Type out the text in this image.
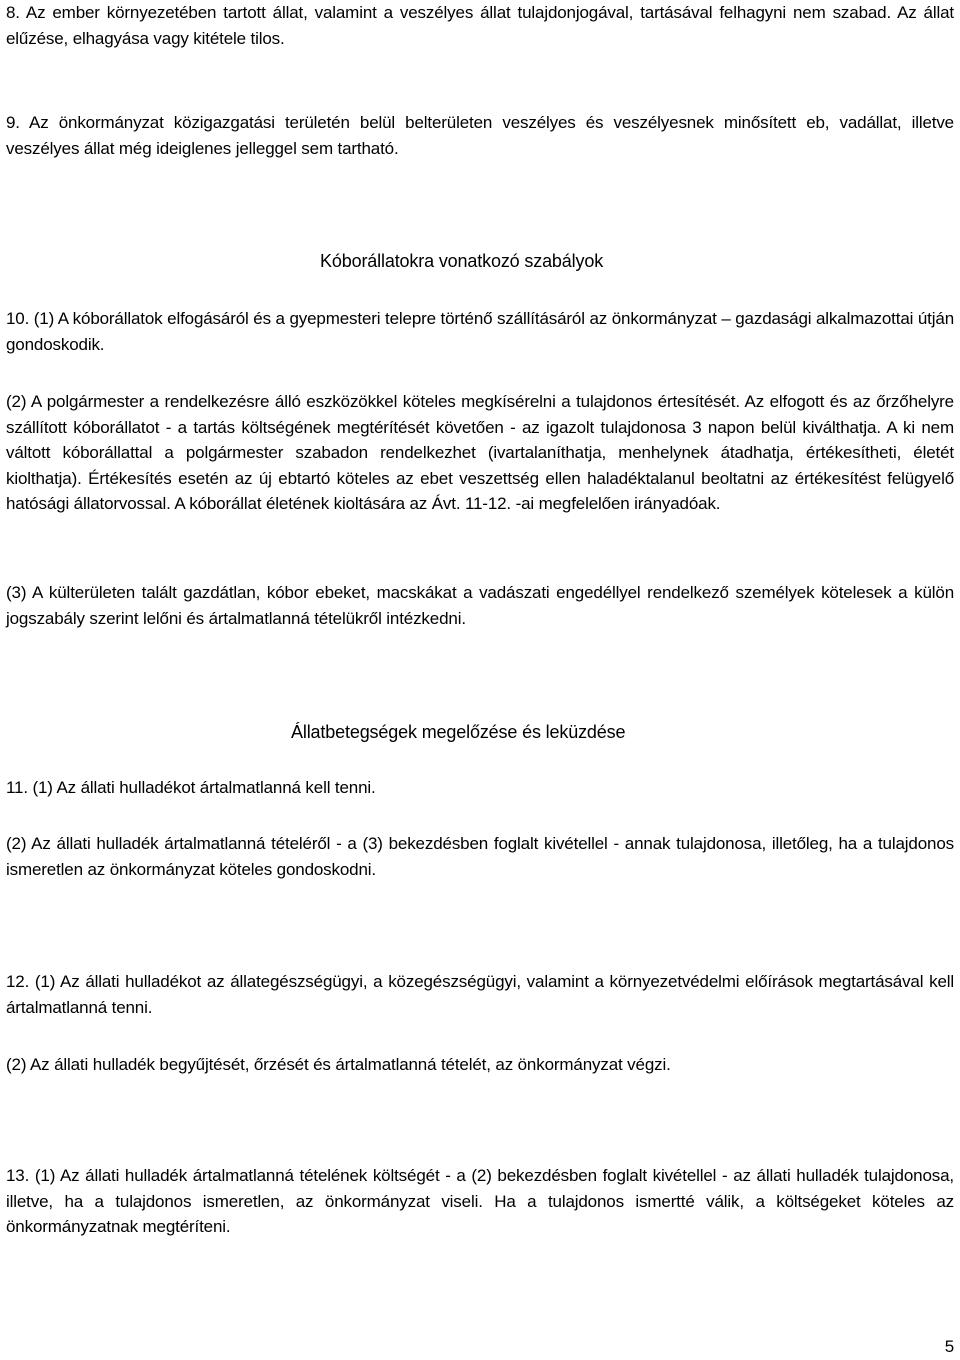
8. Az ember környezetében tartott állat, valamint a veszélyes állat tulajdonjogával, tartásával felhagyni nem szabad. Az állat elűzése, elhagyása vagy kitétele tilos.

9. Az önkormányzat közigazgatási területén belül belterületen veszélyes és veszélyesnek minősített eb, vadállat, illetve veszélyes állat még ideiglenes jelleggel sem tartható.

Kóborállatokra vonatkozó szabályok

10. (1) A kóborállatok elfogásáról és a gyepmesteri telepre történő szállításáról az önkormányzat – gazdasági alkalmazottai útján gondoskodik.

(2) A polgármester a rendelkezésre álló eszközökkel köteles megkísérelni a tulajdonos értesítését. Az elfogott és az őrzőhelyre szállított kóborállatot - a tartás költségének megtérítését követően - az igazolt tulajdonosa 3 napon belül kiválthatja. A ki nem váltott kóborállattal a polgármester szabadon rendelkezhet (ivartalaníthatja, menhelynek átadhatja, értékesítheti, életét kiolthatja). Értékesítés esetén az új ebtartó köteles az ebet veszettség ellen haladéktalanul beoltatni az értékesítést felügyelő hatósági állatorvossal. A kóborállat életének kioltására az Ávt. 11-12. -ai megfelelően irányadóak.

(3) A külterületen talált gazdátlan, kóbor ebeket, macskákat a vadászati engedéllyel rendelkező személyek kötelesek a külön jogszabály szerint lelőni és ártalmatlanná tételükről intézkedni.

Állatbetegségek megelőzése és leküzdése

11. (1) Az állati hulladékot ártalmatlanná kell tenni.

(2) Az állati hulladék ártalmatlanná tételéről - a (3) bekezdésben foglalt kivétellel - annak tulajdonosa, illetőleg, ha a tulajdonos ismeretlen az önkormányzat köteles gondoskodni.

12. (1) Az állati hulladékot az állategészségügyi, a közegészségügyi, valamint a környezetvédelmi előírások megtartásával kell ártalmatlanná tenni.

(2) Az állati hulladék begyűjtését, őrzését és ártalmatlanná tételét, az önkormányzat végzi.

13. (1) Az állati hulladék ártalmatlanná tételének költségét - a (2) bekezdésben foglalt kivétellel - az állati hulladék tulajdonosa, illetve, ha a tulajdonos ismeretlen, az önkormányzat viseli. Ha a tulajdonos ismertté válik, a költségeket köteles az önkormányzatnak megtéríteni.

5
